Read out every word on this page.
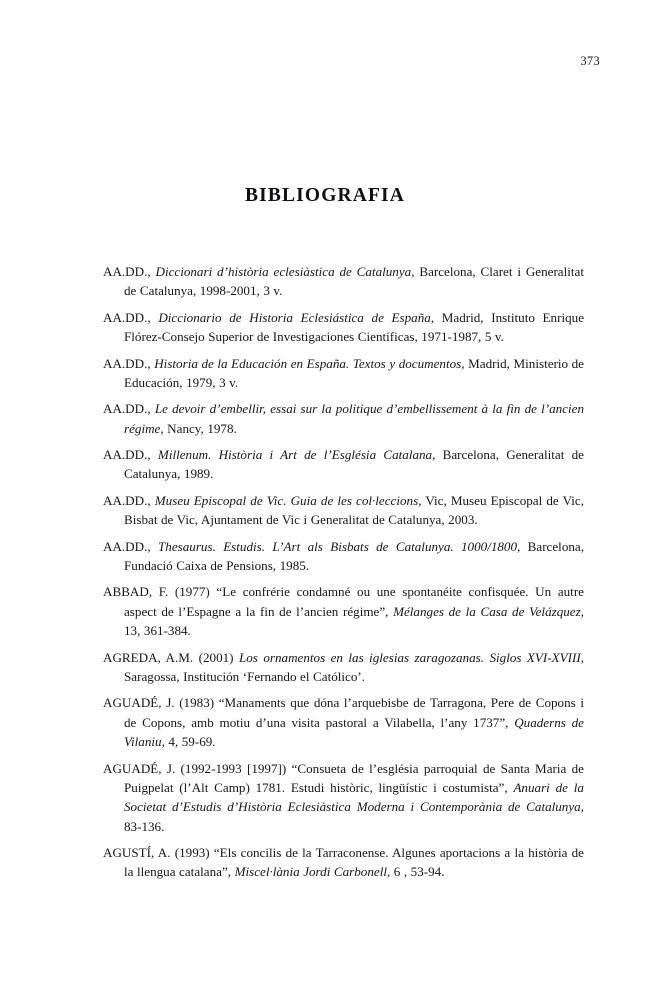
373
BIBLIOGRAFIA

AA.DD., Diccionari d’història eclesiàstica de Catalunya, Barcelona, Claret i Generalitat de Catalunya, 1998-2001, 3 v.

AA.DD., Diccionario de Historia Eclesiástica de España, Madrid, Instituto Enrique Flórez-Consejo Superior de Investigaciones Científicas, 1971-1987, 5 v.

AA.DD., Historia de la Educación en España. Textos y documentos, Madrid, Ministerio de Educación, 1979, 3 v.

AA.DD., Le devoir d’embellir, essai sur la politique d’embellissement à la fin de l’ancien régime, Nancy, 1978.

AA.DD., Millenum. Història i Art de l’Església Catalana, Barcelona, Generalitat de Catalunya, 1989.

AA.DD., Museu Episcopal de Vic. Guia de les col·leccions, Vic, Museu Episcopal de Vic, Bisbat de Vic, Ajuntament de Vic i Generalitat de Catalunya, 2003.

AA.DD., Thesaurus. Estudis. L’Art als Bisbats de Catalunya. 1000/1800, Barcelona, Fundació Caixa de Pensions, 1985.

ABBAD, F. (1977) “Le confrérie condamné ou une spontanéite confisquée. Un autre aspect de l’Espagne a la fin de l’ancien régime”, Mélanges de la Casa de Velázquez, 13, 361-384.

AGREDA, A.M. (2001) Los ornamentos en las iglesias zaragozanas. Siglos XVI-XVIII, Saragossa, Institución ‘Fernando el Católico’.

AGUADÉ, J. (1983) “Manaments que dóna l’arquebisbe de Tarragona, Pere de Copons i de Copons, amb motiu d’una visita pastoral a Vilabella, l’any 1737”, Quaderns de Vilaniu, 4, 59-69.

AGUADÉ, J. (1992-1993 [1997]) “Consueta de l’església parroquial de Santa Maria de Puigpelat (l’Alt Camp) 1781. Estudi històric, lingüístic i costumista”, Anuari de la Societat d’Estudis d’Història Eclesiàstica Moderna i Contemporània de Catalunya, 83-136.

AGUSTÍ, A. (1993) “Els concilis de la Tarraconense. Algunes aportacions a la història de la llengua catalana”, Miscel·lània Jordi Carbonell, 6 , 53-94.
